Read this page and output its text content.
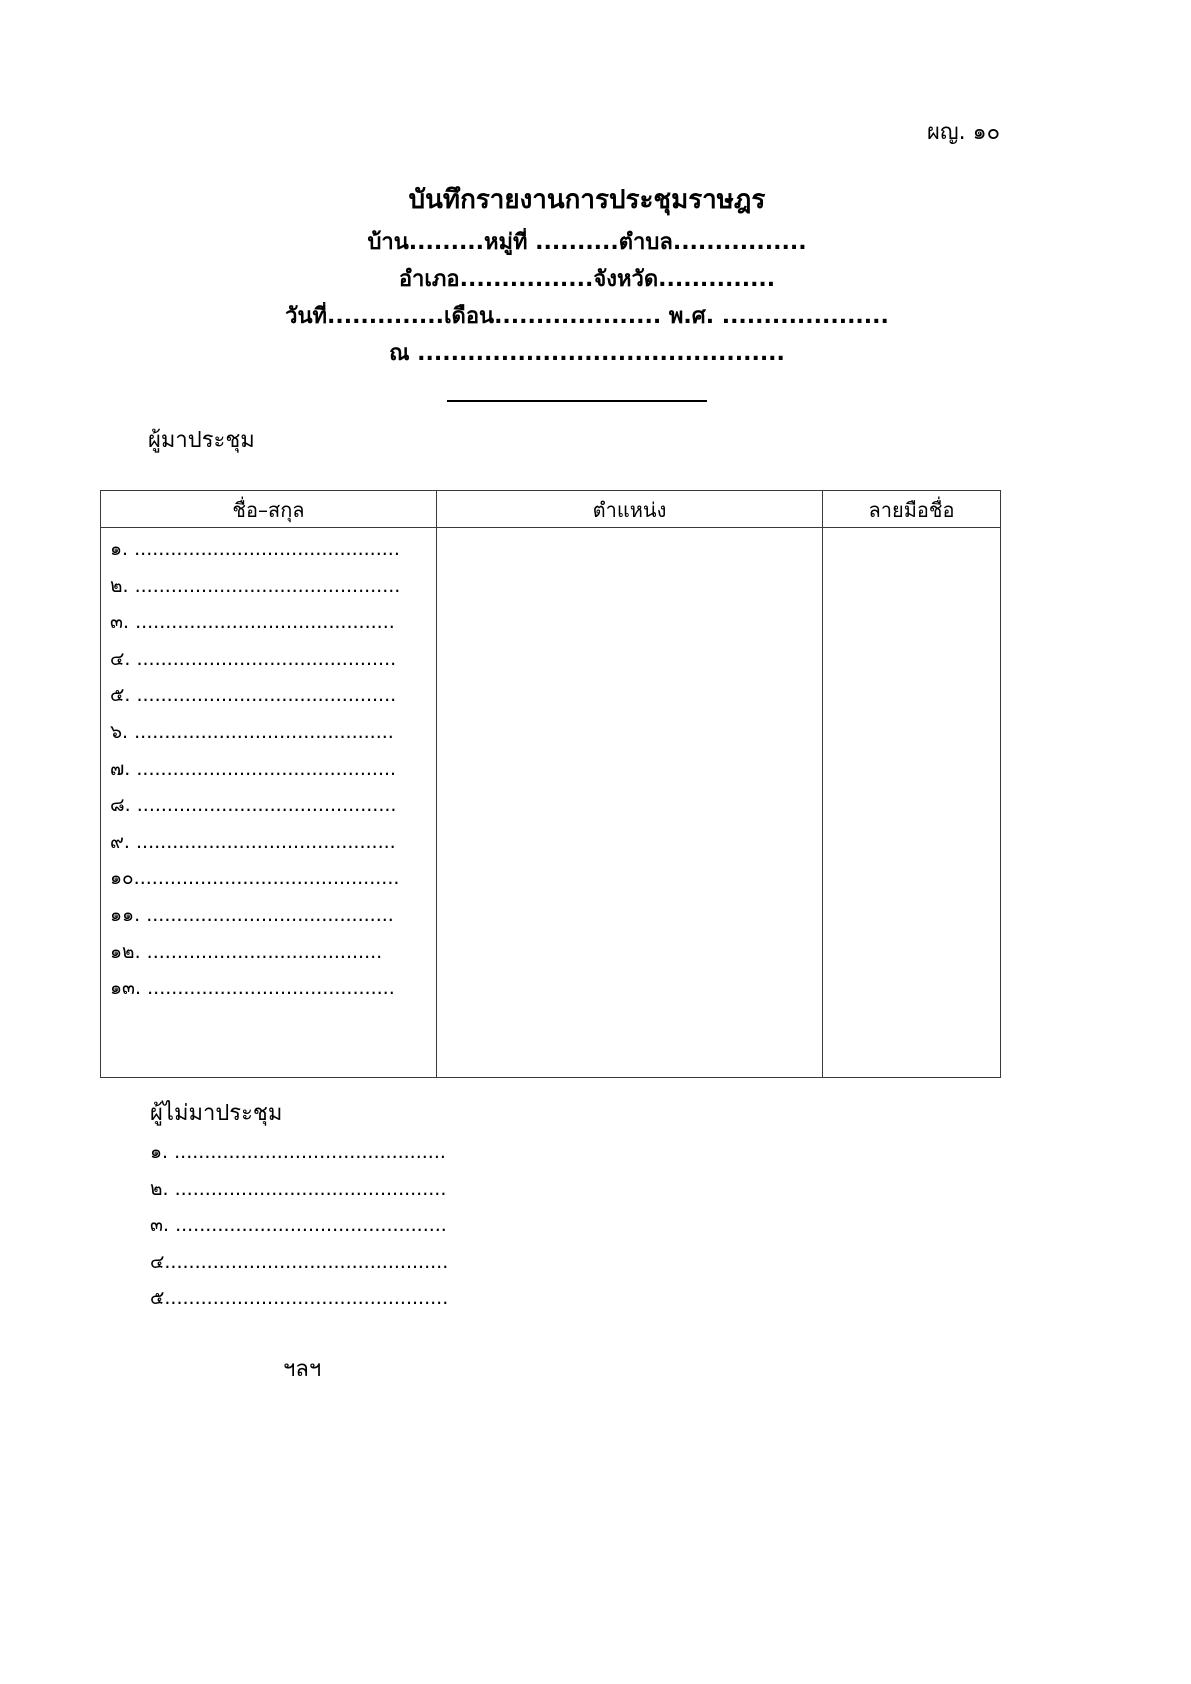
ผญ. ๑๐
บันทึกรายงานการประชุมราษฎร
บ้าน.........หมู่ที่ ..........ตำบล................
อำเภอ................จังหวัด..............
วันที่..............เดือน.................... พ.ศ. ....................
ณ ............................................
ผู้มาประชุม
ชื่อ–สกุล	ตำแหน่ง	ลายมือชื่อ
๑. ............................................
๒. ............................................
๓. ...........................................
๔. ...........................................
๕. ...........................................
๖. ...........................................
๗. ...........................................
๘. ...........................................
๙. ...........................................
๑๐............................................
๑๑. .........................................
๑๒. .......................................
๑๓. .........................................
ผู้ไม่มาประชุม
๑. .............................................
๒. .............................................
๓. .............................................
๔...............................................
๕...............................................
ฯลฯ
